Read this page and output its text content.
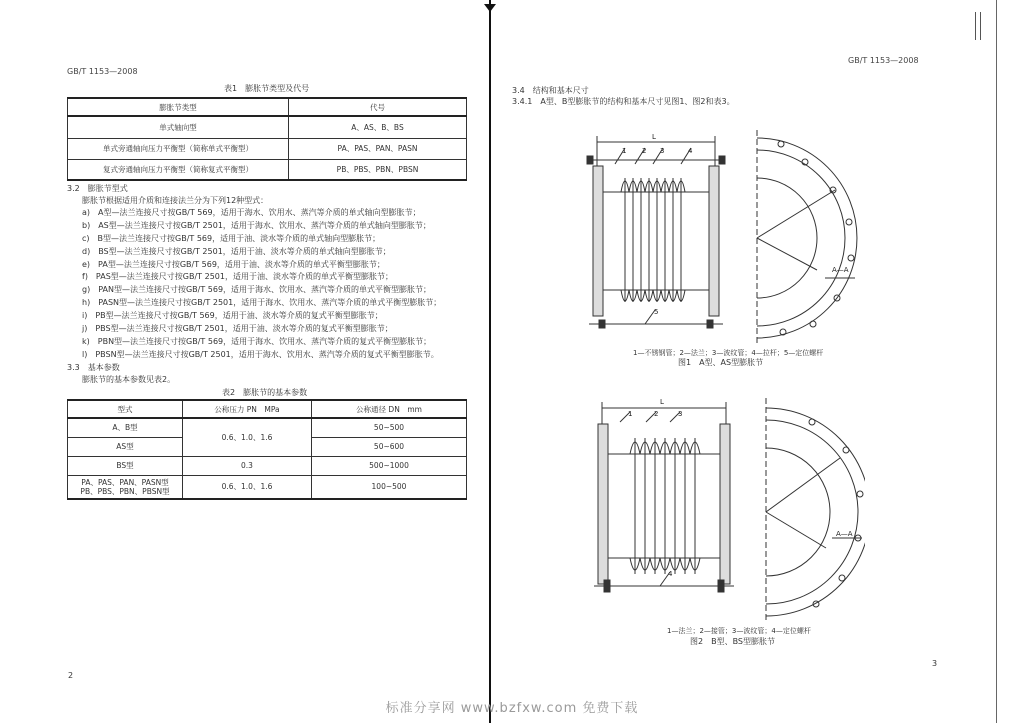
GB/T 1153—2008
表1　膨胀节类型及代号
膨胀节类型	代号
单式轴向型	A、AS、B、BS
单式旁通轴向压力平衡型（简称单式平衡型）	PA、PAS、PAN、PASN
复式旁通轴向压力平衡型（简称复式平衡型）	PB、PBS、PBN、PBSN
3.2　膨胀节型式
膨胀节根据适用介质和连接法兰分为下列12种型式：
a)　A型—法兰连接尺寸按GB/T 569，适用于海水、饮用水、蒸汽等介质的单式轴向型膨胀节；
b)　AS型—法兰连接尺寸按GB/T 2501，适用于海水、饮用水、蒸汽等介质的单式轴向型膨胀节；
c)　B型—法兰连接尺寸按GB/T 569，适用于油、淡水等介质的单式轴向型膨胀节；
d)　BS型—法兰连接尺寸按GB/T 2501，适用于油、淡水等介质的单式轴向型膨胀节；
e)　PA型—法兰连接尺寸按GB/T 569，适用于油、淡水等介质的单式平衡型膨胀节；
f)　PAS型—法兰连接尺寸按GB/T 2501，适用于油、淡水等介质的单式平衡型膨胀节；
g)　PAN型—法兰连接尺寸按GB/T 569，适用于海水、饮用水、蒸汽等介质的单式平衡型膨胀节；
h)　PASN型—法兰连接尺寸按GB/T 2501，适用于海水、饮用水、蒸汽等介质的单式平衡型膨胀节；
i)　PB型—法兰连接尺寸按GB/T 569，适用于油、淡水等介质的复式平衡型膨胀节；
j)　PBS型—法兰连接尺寸按GB/T 2501，适用于油、淡水等介质的复式平衡型膨胀节；
k)　PBN型—法兰连接尺寸按GB/T 569，适用于海水、饮用水、蒸汽等介质的复式平衡型膨胀节；
l)　PBSN型—法兰连接尺寸按GB/T 2501，适用于海水、饮用水、蒸汽等介质的复式平衡型膨胀节。
3.3　基本参数
膨胀节的基本参数见表2。
表2　膨胀节的基本参数
型式	公称压力 PN　MPa	公称通径 DN　mm
A、B型	0.6、1.0、1.6	50~500
AS型		50~600
BS型	0.3	500~1000
PA、PAS、PAN、PASN型
PB、PBS、PBN、PBSN型	0.6、1.0、1.6	100~500
2
GB/T 1153—2008
3.4　结构和基本尺寸
3.4.1　A型、B型膨胀节的结构和基本尺寸见图1、图2和表3。
L
1 2 3	4
5
A—A
1—不锈钢管；2—法兰；3—波纹管；4—拉杆；5—定位螺杆
图1　A型、AS型膨胀节
L
1	2	3
4
A—A
1—法兰；2—接管；3—波纹管；4—定位螺杆
图2　B型、BS型膨胀节
3
标准分享网 www.bzfxw.com 免费下载
